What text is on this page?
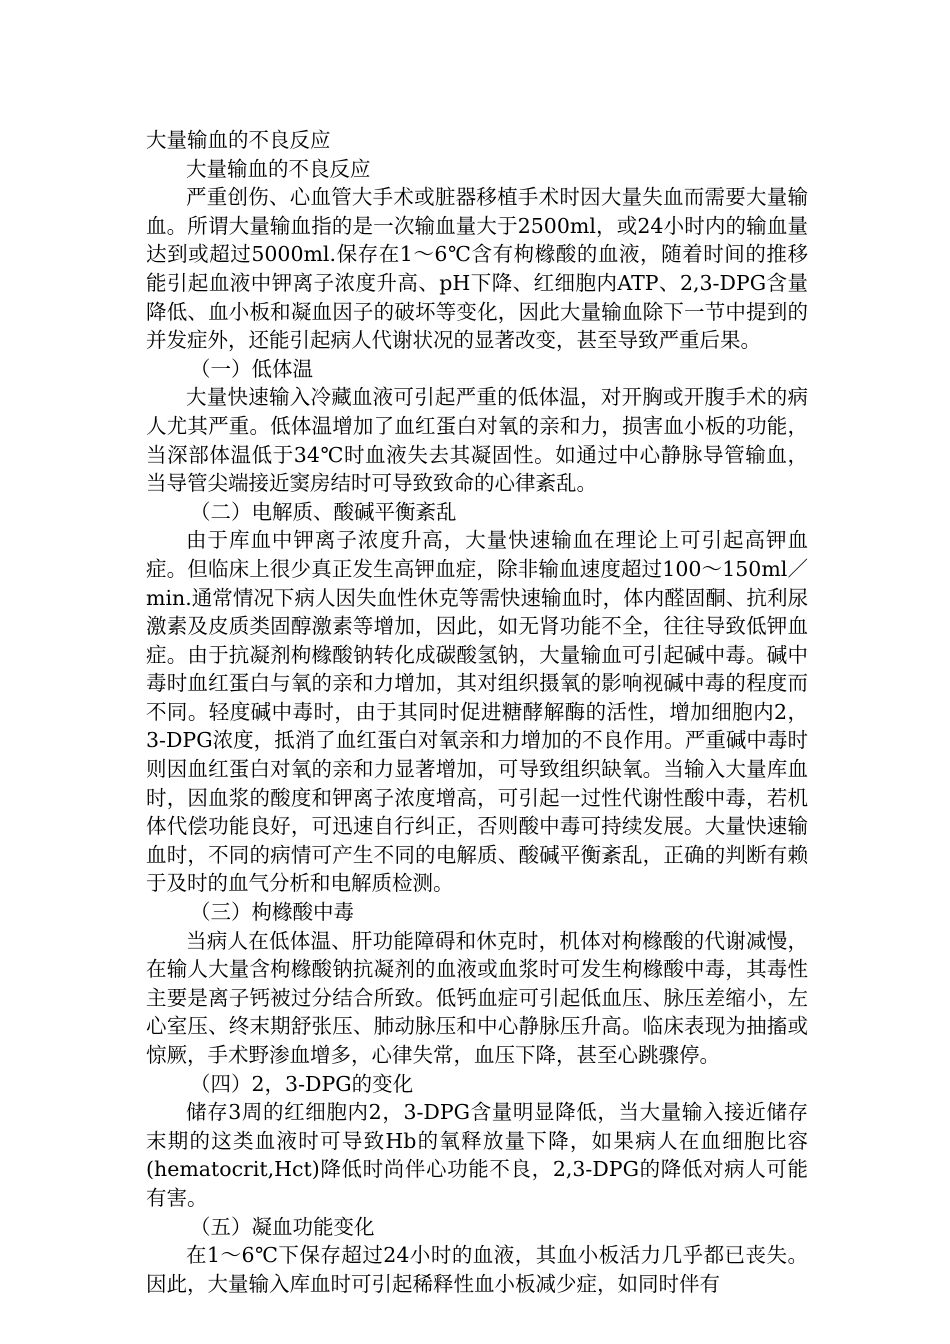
大量输血的不良反应

大量输血的不良反应

严重创伤、心血管大手术或脏器移植手术时因大量失血而需要大量输血。所谓大量输血指的是一次输血量大于2500ml，或24小时内的输血量达到或超过5000ml.保存在1～6℃含有枸橼酸的血液，随着时间的推移能引起血液中钾离子浓度升高、pH下降、红细胞内ATP、2,3-DPG含量降低、血小板和凝血因子的破坏等变化，因此大量输血除下一节中提到的并发症外，还能引起病人代谢状况的显著改变，甚至导致严重后果。

（一）低体温

大量快速输入冷藏血液可引起严重的低体温，对开胸或开腹手术的病人尤其严重。低体温增加了血红蛋白对氧的亲和力，损害血小板的功能，当深部体温低于34℃时血液失去其凝固性。如通过中心静脉导管输血，当导管尖端接近窦房结时可导致致命的心律紊乱。

（二）电解质、酸碱平衡紊乱

由于库血中钾离子浓度升高，大量快速输血在理论上可引起高钾血症。但临床上很少真正发生高钾血症，除非输血速度超过100～150ml／min.通常情况下病人因失血性休克等需快速输血时，体内醛固酮、抗利尿激素及皮质类固醇激素等增加，因此，如无肾功能不全，往往导致低钾血症。由于抗凝剂枸橼酸钠转化成碳酸氢钠，大量输血可引起碱中毒。碱中毒时血红蛋白与氧的亲和力增加，其对组织摄氧的影响视碱中毒的程度而不同。轻度碱中毒时，由于其同时促进糖酵解酶的活性，增加细胞内2，3-DPG浓度，抵消了血红蛋白对氧亲和力增加的不良作用。严重碱中毒时则因血红蛋白对氧的亲和力显著增加，可导致组织缺氧。当输入大量库血时，因血浆的酸度和钾离子浓度增高，可引起一过性代谢性酸中毒，若机体代偿功能良好，可迅速自行纠正，否则酸中毒可持续发展。大量快速输血时，不同的病情可产生不同的电解质、酸碱平衡紊乱，正确的判断有赖于及时的血气分析和电解质检测。

（三）枸橼酸中毒

当病人在低体温、肝功能障碍和休克时，机体对枸橼酸的代谢减慢，在输人大量含枸橼酸钠抗凝剂的血液或血浆时可发生枸橼酸中毒，其毒性主要是离子钙被过分结合所致。低钙血症可引起低血压、脉压差缩小，左心室压、终末期舒张压、肺动脉压和中心静脉压升高。临床表现为抽搐或惊厥，手术野渗血增多，心律失常，血压下降，甚至心跳骤停。

（四）2，3-DPG的变化

储存3周的红细胞内2，3-DPG含量明显降低，当大量输入接近储存末期的这类血液时可导致Hb的氧释放量下降，如果病人在血细胞比容(hematocrit,Hct)降低时尚伴心功能不良，2,3-DPG的降低对病人可能有害。

（五）凝血功能变化

在1～6℃下保存超过24小时的血液，其血小板活力几乎都已丧失。因此，大量输入库血时可引起稀释性血小板减少症，如同时伴有
